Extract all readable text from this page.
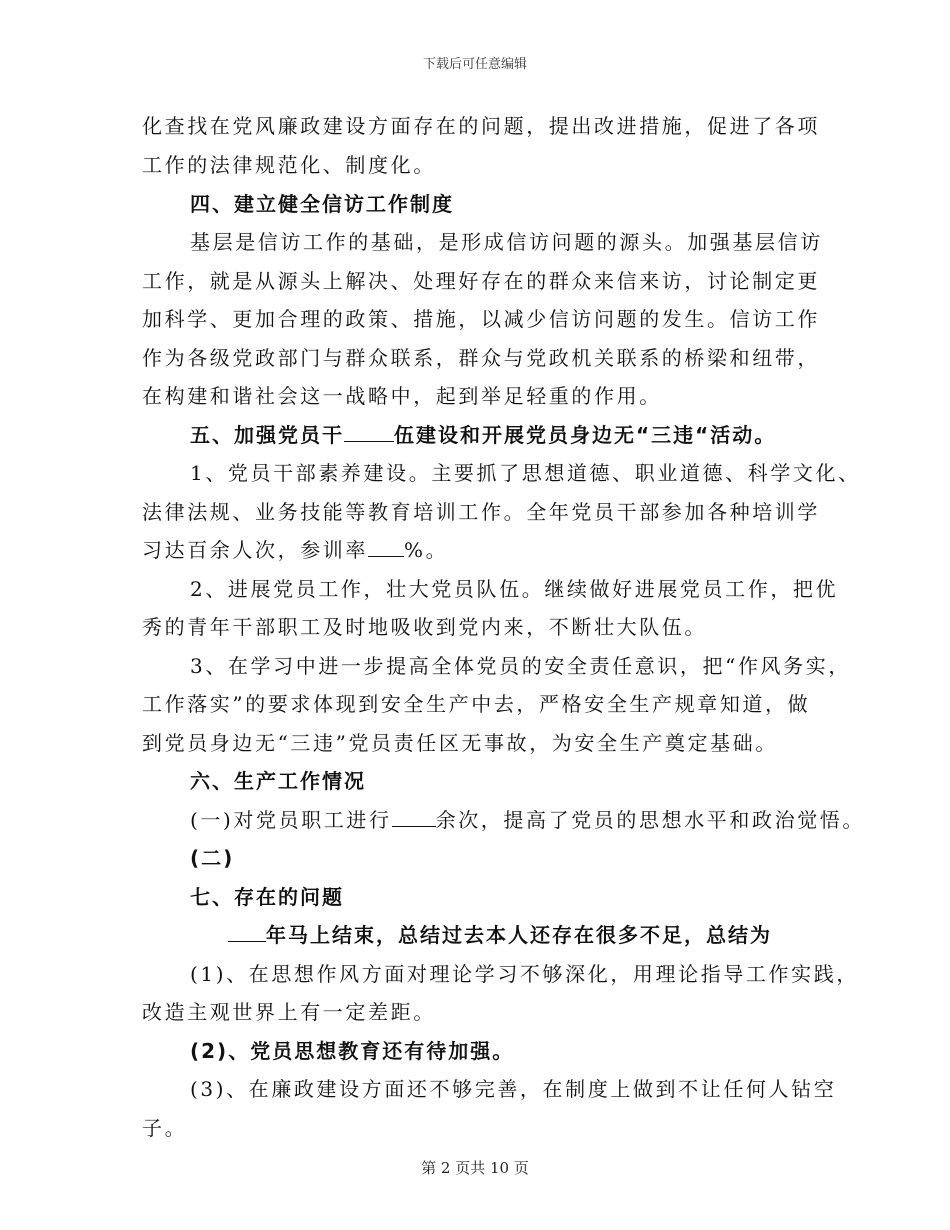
下载后可任意编辑
化查找在党风廉政建设方面存在的问题，提出改进措施，促进了各项
工作的法律规范化、制度化。
四、建立健全信访工作制度
基层是信访工作的基础，是形成信访问题的源头。加强基层信访
工作，就是从源头上解决、处理好存在的群众来信来访，讨论制定更
加科学、更加合理的政策、措施，以减少信访问题的发生。信访工作
作为各级党政部门与群众联系，群众与党政机关联系的桥梁和纽带，
在构建和谐社会这一战略中，起到举足轻重的作用。
五、加强党员干	伍建设和开展党员身边无“三违“活动。
1、党员干部素养建设。主要抓了思想道德、职业道德、科学文化、
法律法规、业务技能等教育培训工作。全年党员干部参加各种培训学
习达百余人次，参训率 %。
2、进展党员工作，壮大党员队伍。继续做好进展党员工作，把优
秀的青年干部职工及时地吸收到党内来，不断壮大队伍。
3、在学习中进一步提高全体党员的安全责任意识，把“作风务实，
工作落实”的要求体现到安全生产中去，严格安全生产规章知道，做
到党员身边无“三违”党员责任区无事故，为安全生产奠定基础。
六、生产工作情况
(一)对党员职工进行 余次，提高了党员的思想水平和政治觉悟。
(二)
七、存在的问题
年马上结束，总结过去本人还存在很多不足，总结为
(1)、在思想作风方面对理论学习不够深化，用理论指导工作实践，
改造主观世界上有一定差距。
(2)、党员思想教育还有待加强。
(3)、在廉政建设方面还不够完善，在制度上做到不让任何人钻空
子。
第 2 页共 10 页
